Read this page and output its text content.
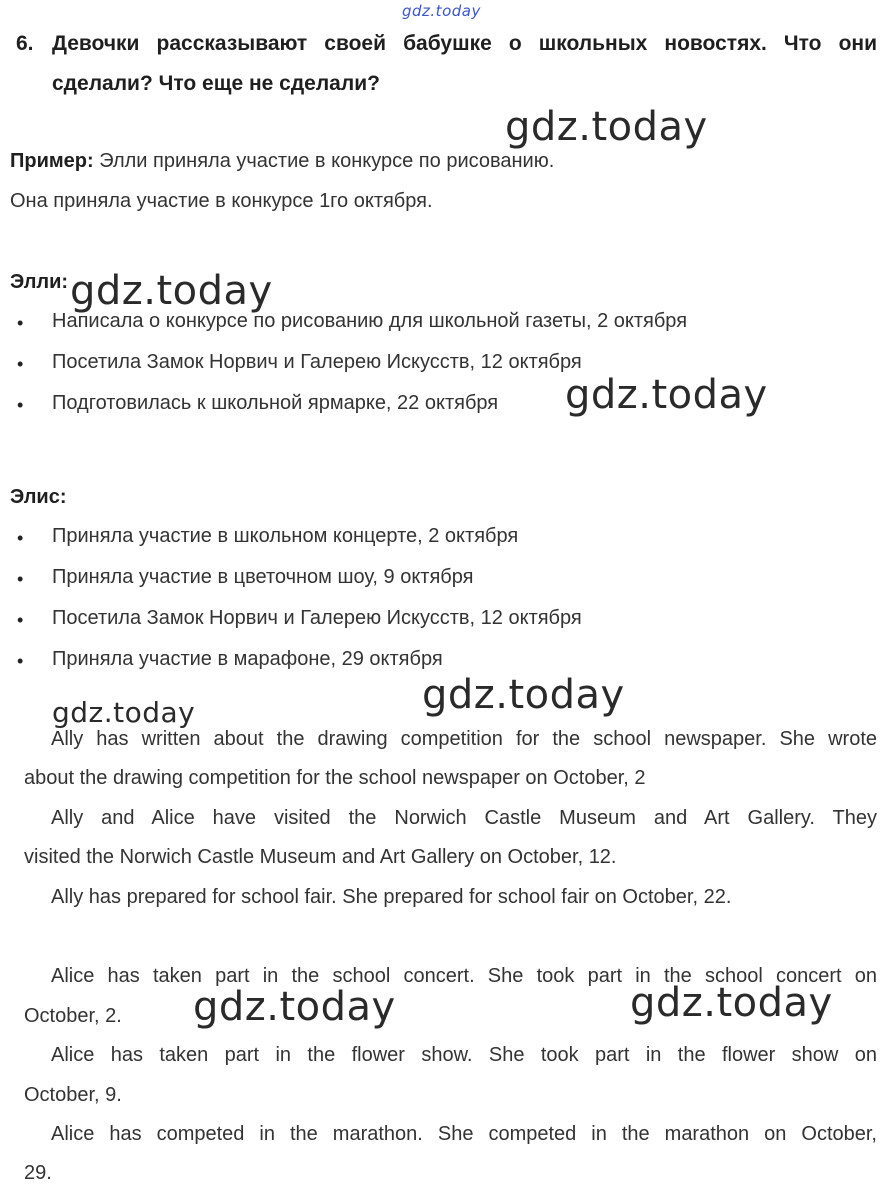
gdz.today
6. Девочки рассказывают своей бабушке о школьных новостях. Что они
сделали? Что еще не сделали?
gdz.today
Пример: Элли приняла участие в конкурсе по рисованию.
Она приняла участие в конкурсе 1го октября.
Элли: gdz.today
• Написала о конкурсе по рисованию для школьной газеты, 2 октября
• Посетила Замок Норвич и Галерею Искусств, 12 октября
• Подготовилась к школьной ярмарке, 22 октября gdz.today
Элис:
• Приняла участие в школьном концерте, 2 октября
• Приняла участие в цветочном шоу, 9 октября
• Посетила Замок Норвич и Галерею Искусств, 12 октября
• Приняла участие в марафоне, 29 октября
gdz.today
gdz.today
Ally has written about the drawing competition for the school newspaper. She wrote
about the drawing competition for the school newspaper on October, 2
Ally and Alice have visited the Norwich Castle Museum and Art Gallery. They
visited the Norwich Castle Museum and Art Gallery on October, 12.
Ally has prepared for school fair. She prepared for school fair on October, 22.
Alice has taken part in the school concert. She took part in the school concert on
October, 2.	gdz.today	gdz.today
Alice has taken part in the flower show. She took part in the flower show on
October, 9.
Alice has competed in the marathon. She competed in the marathon on October,
29.
